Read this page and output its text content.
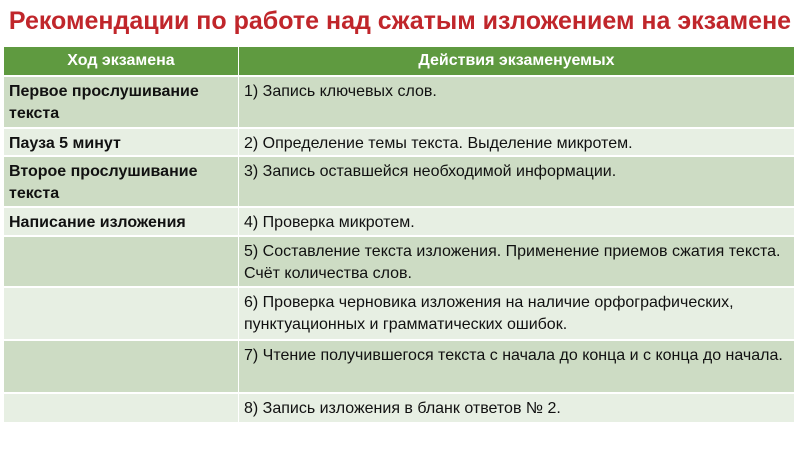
Рекомендации по работе над сжатым изложением на экзамене
Ход экзамена	Действия экзаменуемых
Первое прослушивание текста	1) Запись ключевых слов.
Пауза 5 минут	2) Определение темы текста. Выделение микротем.
Второе прослушивание текста	3) Запись оставшейся необходимой информации.
Написание изложения	4) Проверка микротем.
	5) Составление текста изложения. Применение приемов сжатия текста. Счёт количества слов.
	6) Проверка черновика изложения на наличие орфографических, пунктуационных и грамматических ошибок.
	7) Чтение получившегося текста с начала до конца и с конца до начала.
	8) Запись изложения в бланк ответов № 2.
